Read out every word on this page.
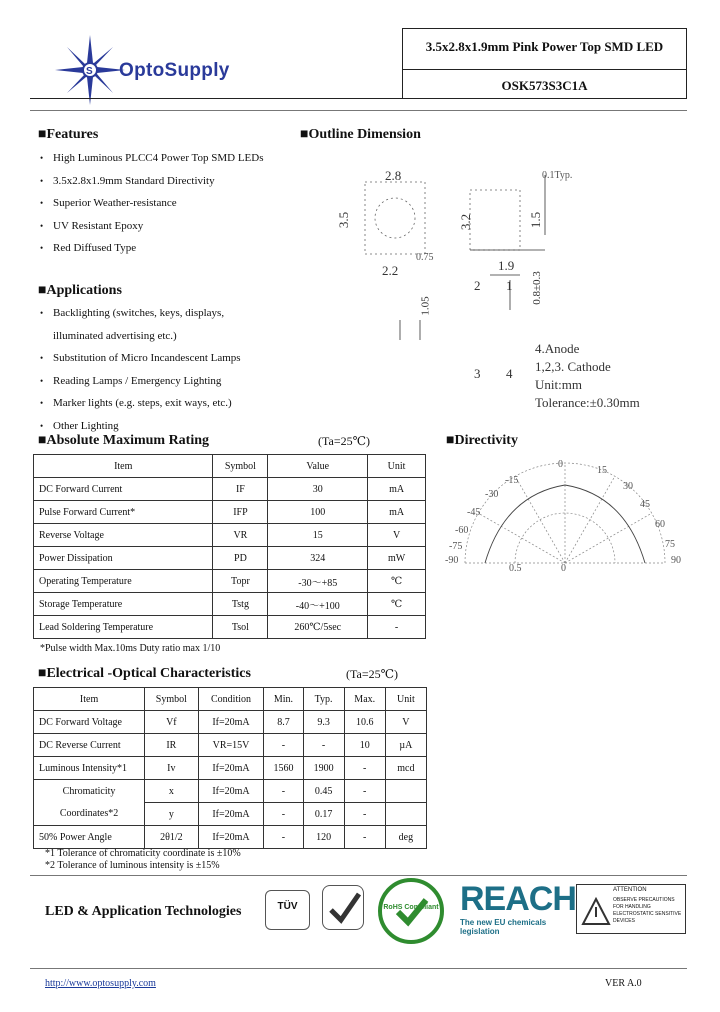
S OptoSupply
3.5x2.8x1.9mm Pink Power Top SMD LED
OSK573S3C1A
■Features
• High Luminous PLCC4 Power Top SMD LEDs
• 3.5x2.8x1.9mm Standard Directivity
• Superior Weather-resistance
• UV Resistant Epoxy
• Red Diffused Type
■Applications
• Backlighting (switches, keys, displays,
illuminated advertising etc.)
• Substitution of Micro Incandescent Lamps
• Reading Lamps / Emergency Lighting
• Marker lights (e.g. steps, exit ways, etc.)
• Other Lighting
■Outline Dimension
2.8
3.5
0.75
2.2
3.2	1.5
0.1Typ.
1.9
1.05
0.8±0.3
1
2
3 4
4.Anode
1,2,3. Cathode
Unit:mm
Tolerance:±0.30mm
■Absolute Maximum Rating	(Ta=25℃)
Item	Symbol	Value	Unit
DC Forward Current	IF	30	mA
Pulse Forward Current*	IFP	100	mA
Reverse Voltage	VR	15	V
Power Dissipation	PD	324	mW
Operating Temperature	Topr	-30～+85	℃
Storage Temperature	Tstg	-40～+100	℃
Lead Soldering Temperature	Tsol	260℃/5sec	-
*Pulse width Max.10ms Duty ratio max 1/10
■Directivity
0
15
30
45
60
75
90
-15
-30
-45
-60
-75
-90
0.5	0
■Electrical -Optical Characteristics	(Ta=25℃)
Item	Symbol	Condition	Min.	Typ.	Max.	Unit
DC Forward Voltage	Vf	If=20mA	8.7	9.3	10.6	V
DC Reverse Current	IR	VR=15V	-	-	10	µA
Luminous Intensity*1	Iv	If=20mA	1560	1900	-	mcd
Chromaticity	x	If=20mA	-	0.45	-	
Coordinates*2	y	If=20mA	-	0.17	-	
50% Power Angle	2θ1/2	If=20mA	-	120	-	deg
*1 Tolerance of chromaticity coordinate is ±10%
*2 Tolerance of luminous intensity is ±15%
LED & Application Technologies	TÜV	RoHS Compliant REACH
The new EU chemicals legislation
ATTENTION
OBSERVE PRECAUTIONS FOR HANDLING ELECTROSTATIC SENSITIVE DEVICES
http://www.optosupply.com	VER A.0
